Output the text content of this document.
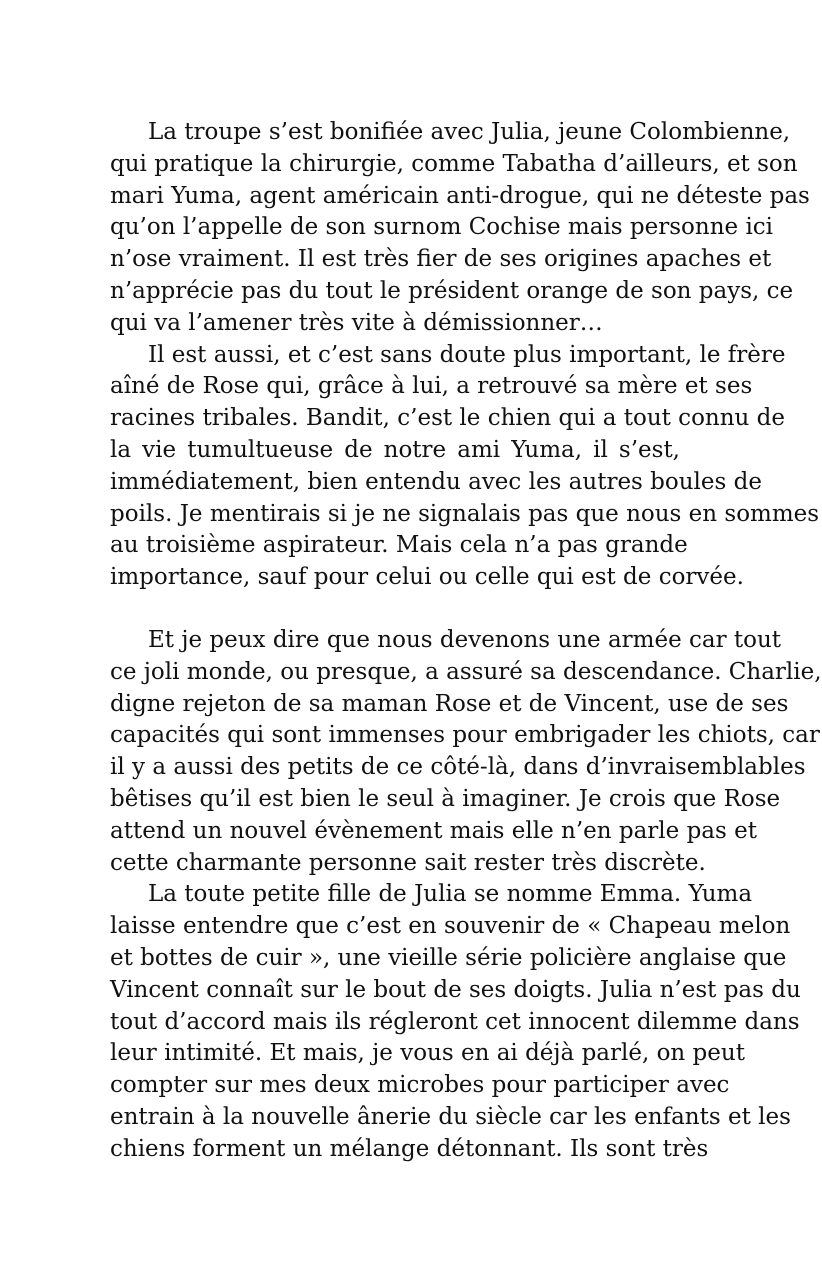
La troupe s’est bonifiée avec Julia, jeune Colombienne,
qui pratique la chirurgie, comme Tabatha d’ailleurs, et son
mari Yuma, agent américain anti-drogue, qui ne déteste pas
qu’on l’appelle de son surnom Cochise mais personne ici
n’ose vraiment. Il est très fier de ses origines apaches et
n’apprécie pas du tout le président orange de son pays, ce
qui va l’amener très vite à démissionner…
Il est aussi, et c’est sans doute plus important, le frère
aîné de Rose qui, grâce à lui, a retrouvé sa mère et ses
racines tribales. Bandit, c’est le chien qui a tout connu de
la vie tumultueuse de notre ami Yuma, il s’est,
immédiatement, bien entendu avec les autres boules de
poils. Je mentirais si je ne signalais pas que nous en sommes
au troisième aspirateur. Mais cela n’a pas grande
importance, sauf pour celui ou celle qui est de corvée.
Et je peux dire que nous devenons une armée car tout
ce joli monde, ou presque, a assuré sa descendance. Charlie,
digne rejeton de sa maman Rose et de Vincent, use de ses
capacités qui sont immenses pour embrigader les chiots, car
il y a aussi des petits de ce côté-là, dans d’invraisemblables
bêtises qu’il est bien le seul à imaginer. Je crois que Rose
attend un nouvel évènement mais elle n’en parle pas et
cette charmante personne sait rester très discrète.
La toute petite fille de Julia se nomme Emma. Yuma
laisse entendre que c’est en souvenir de « Chapeau melon
et bottes de cuir », une vieille série policière anglaise que
Vincent connaît sur le bout de ses doigts. Julia n’est pas du
tout d’accord mais ils régleront cet innocent dilemme dans
leur intimité. Et mais, je vous en ai déjà parlé, on peut
compter sur mes deux microbes pour participer avec
entrain à la nouvelle ânerie du siècle car les enfants et les
chiens forment un mélange détonnant. Ils sont très
